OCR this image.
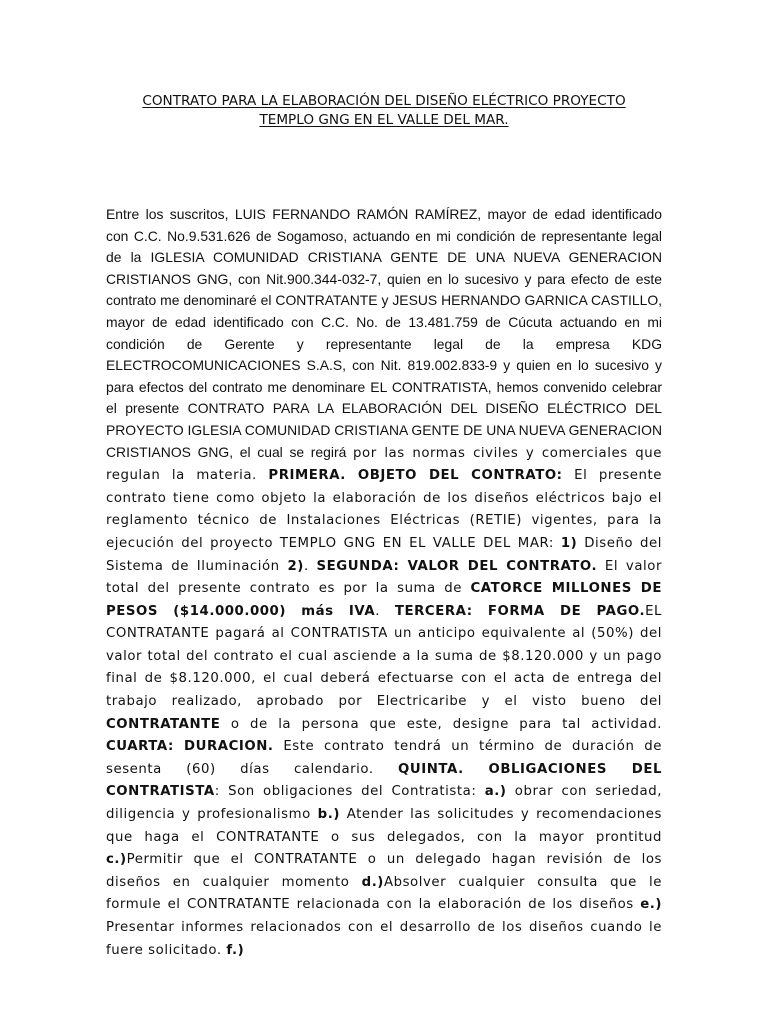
CONTRATO PARA LA ELABORACIÓN DEL DISEÑO ELÉCTRICO PROYECTO
TEMPLO GNG EN EL VALLE DEL MAR.
Entre los suscritos, LUIS FERNANDO RAMÓN RAMÍREZ, mayor de edad identificado con C.C. No.9.531.626 de Sogamoso, actuando en mi condición de representante legal de la IGLESIA COMUNIDAD CRISTIANA GENTE DE UNA NUEVA GENERACION CRISTIANOS GNG, con Nit.900.344-032-7, quien en lo sucesivo y para efecto de este contrato me denominaré el CONTRATANTE y JESUS HERNANDO GARNICA CASTILLO, mayor de edad identificado con C.C. No. de 13.481.759 de Cúcuta actuando en mi condición de Gerente y representante legal de la empresa KDG ELECTROCOMUNICACIONES S.A.S, con Nit. 819.002.833-9 y quien en lo sucesivo y para efectos del contrato me denominare EL CONTRATISTA, hemos convenido celebrar el presente CONTRATO PARA LA ELABORACIÓN DEL DISEÑO ELÉCTRICO DEL PROYECTO IGLESIA COMUNIDAD CRISTIANA GENTE DE UNA NUEVA GENERACION CRISTIANOS GNG, el cual se regirá por las normas civiles y comerciales que regulan la materia. PRIMERA. OBJETO DEL CONTRATO: El presente contrato tiene como objeto la elaboración de los diseños eléctricos bajo el reglamento técnico de Instalaciones Eléctricas (RETIE) vigentes, para la ejecución del proyecto TEMPLO GNG EN EL VALLE DEL MAR: 1) Diseño del Sistema de Iluminación 2). SEGUNDA: VALOR DEL CONTRATO. El valor total del presente contrato es por la suma de CATORCE MILLONES DE PESOS ($14.000.000) más IVA. TERCERA: FORMA DE PAGO.EL CONTRATANTE pagará al CONTRATISTA un anticipo equivalente al (50%) del valor total del contrato el cual asciende a la suma de $8.120.000 y un pago final de $8.120.000, el cual deberá efectuarse con el acta de entrega del trabajo realizado, aprobado por Electricaribe y el visto bueno del CONTRATANTE o de la persona que este, designe para tal actividad. CUARTA: DURACION. Este contrato tendrá un término de duración de sesenta (60) días calendario. QUINTA. OBLIGACIONES DEL CONTRATISTA: Son obligaciones del Contratista: a.) obrar con seriedad, diligencia y profesionalismo b.) Atender las solicitudes y recomendaciones que haga el CONTRATANTE o sus delegados, con la mayor prontitud c.)Permitir que el CONTRATANTE o un delegado hagan revisión de los diseños en cualquier momento d.)Absolver cualquier consulta que le formule el CONTRATANTE relacionada con la elaboración de los diseños e.) Presentar informes relacionados con el desarrollo de los diseños cuando le fuere solicitado. f.)
